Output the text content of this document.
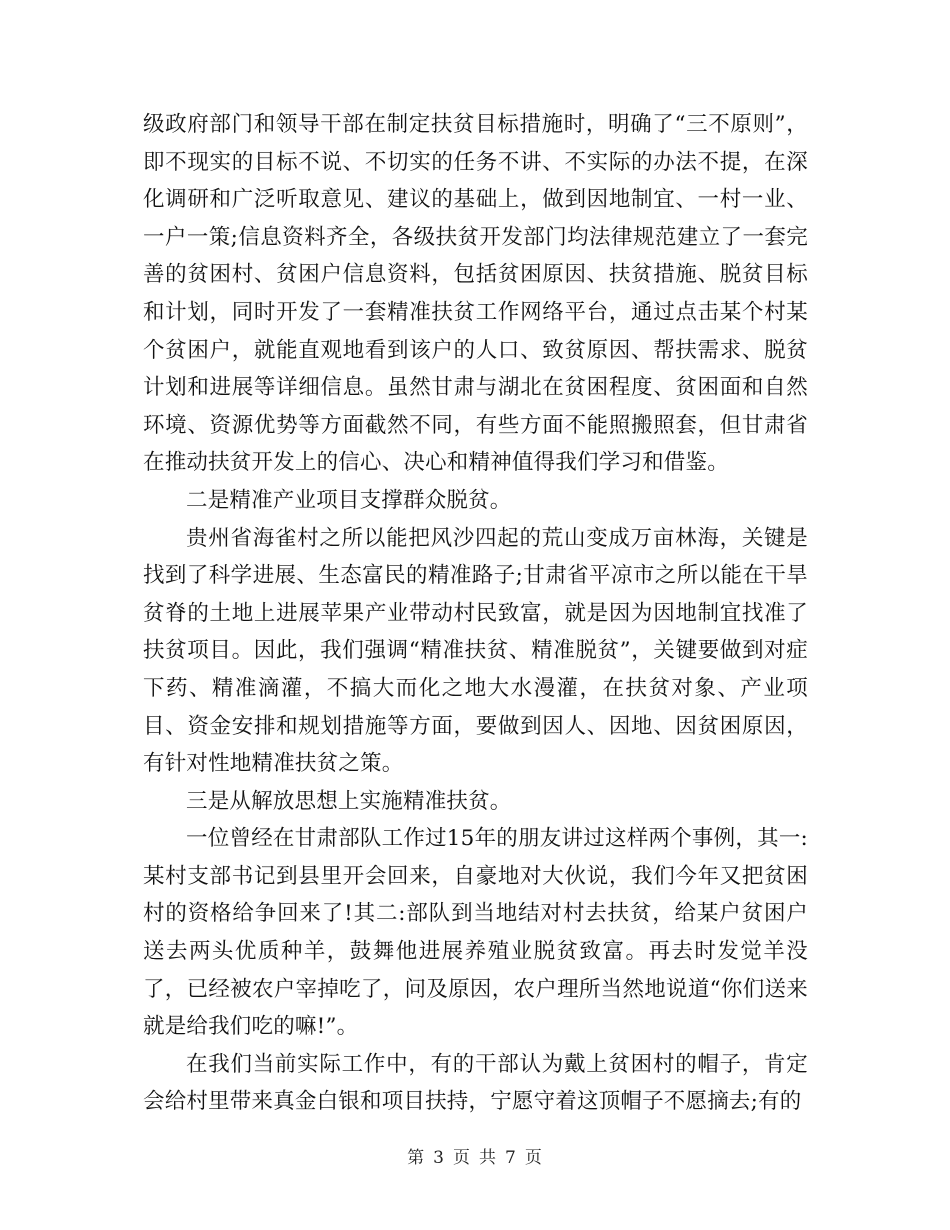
级政府部门和领导干部在制定扶贫目标措施时，明确了“三不原则”，即不现实的目标不说、不切实的任务不讲、不实际的办法不提，在深化调研和广泛听取意见、建议的基础上，做到因地制宜、一村一业、一户一策;信息资料齐全，各级扶贫开发部门均法律规范建立了一套完善的贫困村、贫困户信息资料，包括贫困原因、扶贫措施、脱贫目标和计划，同时开发了一套精准扶贫工作网络平台，通过点击某个村某个贫困户，就能直观地看到该户的人口、致贫原因、帮扶需求、脱贫计划和进展等详细信息。虽然甘肃与湖北在贫困程度、贫困面和自然环境、资源优势等方面截然不同，有些方面不能照搬照套，但甘肃省在推动扶贫开发上的信心、决心和精神值得我们学习和借鉴。

二是精准产业项目支撑群众脱贫。

贵州省海雀村之所以能把风沙四起的荒山变成万亩林海，关键是找到了科学进展、生态富民的精准路子;甘肃省平凉市之所以能在干旱贫脊的土地上进展苹果产业带动村民致富，就是因为因地制宜找准了扶贫项目。因此，我们强调“精准扶贫、精准脱贫”，关键要做到对症下药、精准滴灌，不搞大而化之地大水漫灌，在扶贫对象、产业项目、资金安排和规划措施等方面，要做到因人、因地、因贫困原因，有针对性地精准扶贫之策。

三是从解放思想上实施精准扶贫。

一位曾经在甘肃部队工作过15年的朋友讲过这样两个事例，其一:某村支部书记到县里开会回来，自豪地对大伙说，我们今年又把贫困村的资格给争回来了!其二:部队到当地结对村去扶贫，给某户贫困户送去两头优质种羊，鼓舞他进展养殖业脱贫致富。再去时发觉羊没了，已经被农户宰掉吃了，问及原因，农户理所当然地说道“你们送来就是给我们吃的嘛!”。

在我们当前实际工作中，有的干部认为戴上贫困村的帽子，肯定会给村里带来真金白银和项目扶持，宁愿守着这顶帽子不愿摘去;有的

第 3 页 共 7 页
